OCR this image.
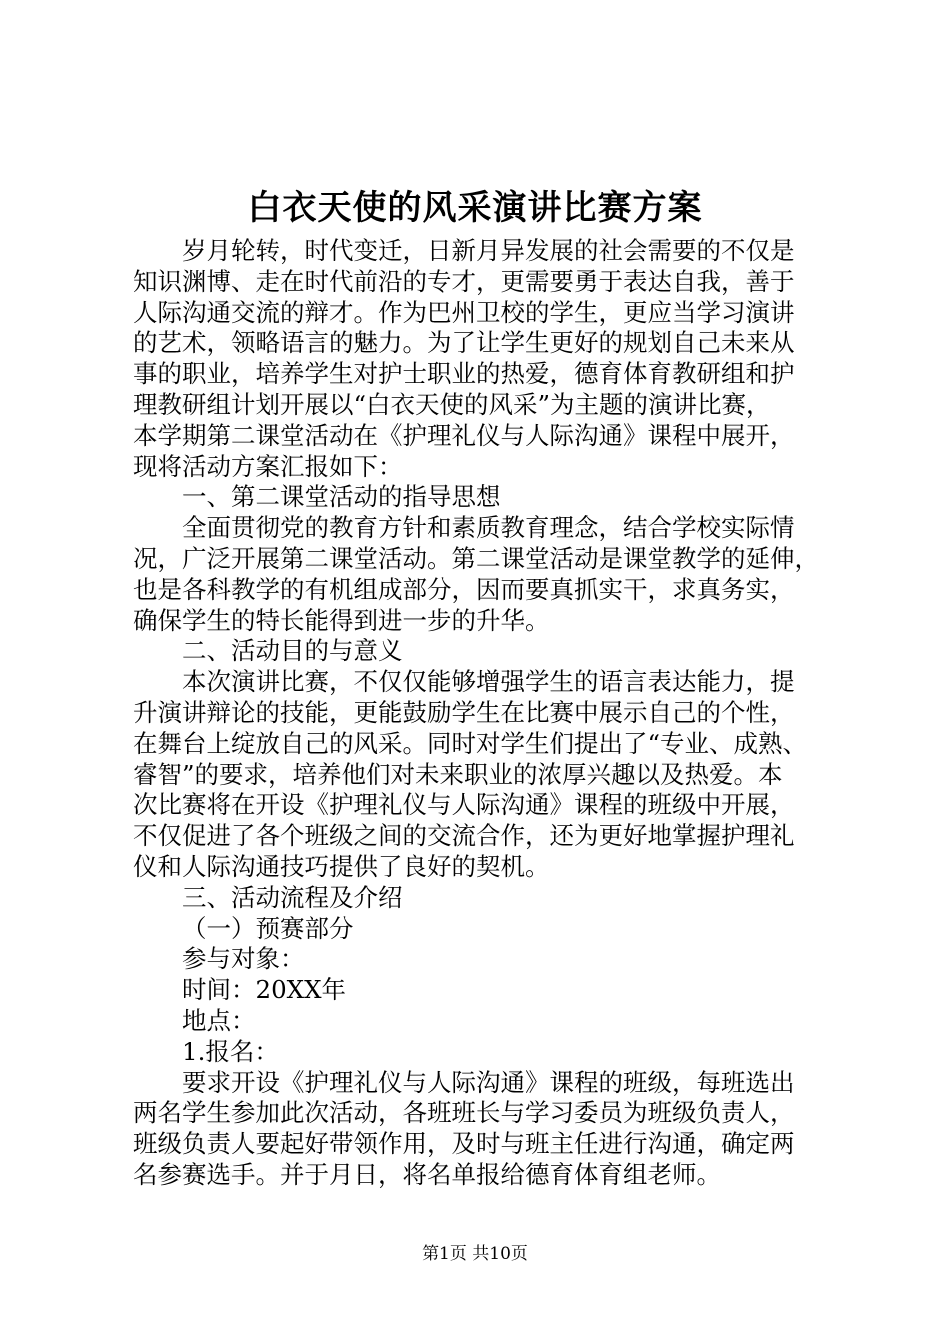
白衣天使的风采演讲比赛方案

岁月轮转，时代变迁，日新月异发展的社会需要的不仅是

知识渊博、走在时代前沿的专才，更需要勇于表达自我，善于

人际沟通交流的辩才。作为巴州卫校的学生，更应当学习演讲

的艺术，领略语言的魅力。为了让学生更好的规划自己未来从

事的职业，培养学生对护士职业的热爱，德育体育教研组和护

理教研组计划开展以“白衣天使的风采”为主题的演讲比赛，

本学期第二课堂活动在《护理礼仪与人际沟通》课程中展开，

现将活动方案汇报如下：

一、第二课堂活动的指导思想

全面贯彻党的教育方针和素质教育理念，结合学校实际情

况，广泛开展第二课堂活动。第二课堂活动是课堂教学的延伸，

也是各科教学的有机组成部分，因而要真抓实干，求真务实，

确保学生的特长能得到进一步的升华。

二、活动目的与意义

本次演讲比赛，不仅仅能够增强学生的语言表达能力，提

升演讲辩论的技能，更能鼓励学生在比赛中展示自己的个性，

在舞台上绽放自己的风采。同时对学生们提出了“专业、成熟、

睿智”的要求，培养他们对未来职业的浓厚兴趣以及热爱。本

次比赛将在开设《护理礼仪与人际沟通》课程的班级中开展，

不仅促进了各个班级之间的交流合作，还为更好地掌握护理礼

仪和人际沟通技巧提供了良好的契机。

三、活动流程及介绍

（一）预赛部分

参与对象：

时间：20XX年

地点：

1.报名：

要求开设《护理礼仪与人际沟通》课程的班级，每班选出

两名学生参加此次活动，各班班长与学习委员为班级负责人，

班级负责人要起好带领作用，及时与班主任进行沟通，确定两

名参赛选手。并于月日，将名单报给德育体育组老师。

第1页 共10页
